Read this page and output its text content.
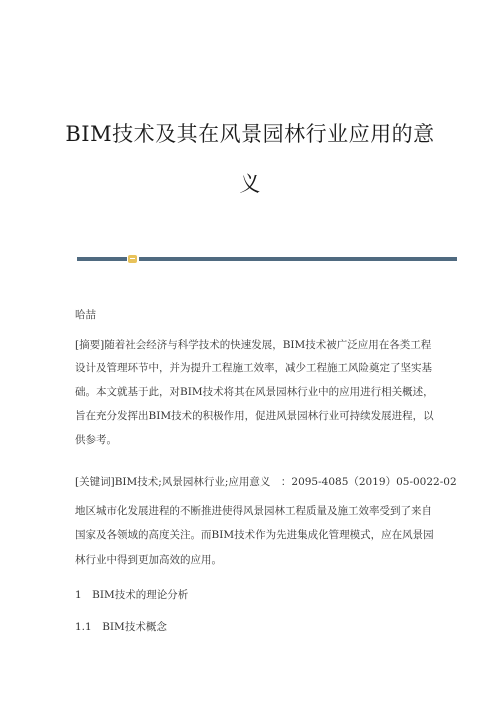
BIM技术及其在风景园林行业应用的意
义
哈喆
[摘要]随着社会经济与科学技术的快速发展，BIM技术被广泛应用在各类工程
设计及管理环节中，并为提升工程施工效率，减少工程施工风险奠定了坚实基
础。本文就基于此，对BIM技术将其在风景园林行业中的应用进行相关概述，
旨在充分发挥出BIM技术的积极作用，促进风景园林行业可持续发展进程，以
供参考。
[关键词]BIM技术;风景园林行业;应用意义　：2095-4085（2019）05-0022-02
地区城市化发展进程的不断推进使得风景园林工程质量及施工效率受到了来自
国家及各领域的高度关注。而BIM技术作为先进集成化管理模式，应在风景园
林行业中得到更加高效的应用。
1　BIM技术的理论分析
1.1　BIM技术概念
